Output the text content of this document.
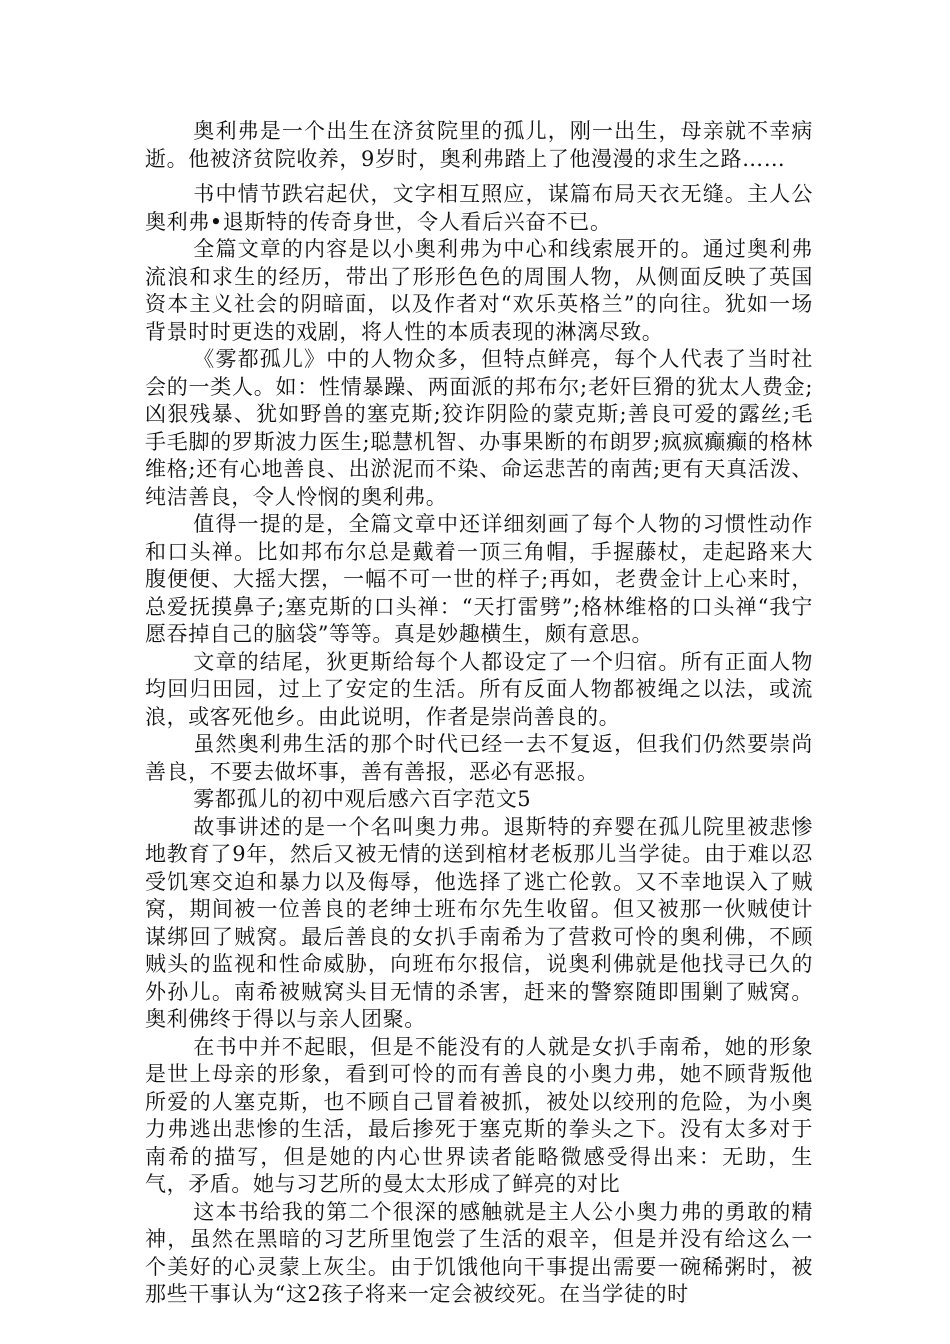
奥利弗是一个出生在济贫院里的孤儿，刚一出生，母亲就不幸病逝。他被济贫院收养，9岁时，奥利弗踏上了他漫漫的求生之路……

书中情节跌宕起伏，文字相互照应，谋篇布局天衣无缝。主人公奥利弗•退斯特的传奇身世，令人看后兴奋不已。

全篇文章的内容是以小奥利弗为中心和线索展开的。通过奥利弗流浪和求生的经历，带出了形形色色的周围人物，从侧面反映了英国资本主义社会的阴暗面，以及作者对“欢乐英格兰”的向往。犹如一场背景时时更迭的戏剧，将人性的本质表现的淋漓尽致。

《雾都孤儿》中的人物众多，但特点鲜亮，每个人代表了当时社会的一类人。如：性情暴躁、两面派的邦布尔;老奸巨猾的犹太人费金;凶狠残暴、犹如野兽的塞克斯;狡诈阴险的蒙克斯;善良可爱的露丝;毛手毛脚的罗斯波力医生;聪慧机智、办事果断的布朗罗;疯疯癫癫的格林维格;还有心地善良、出淤泥而不染、命运悲苦的南茜;更有天真活泼、纯洁善良，令人怜悯的奥利弗。

值得一提的是，全篇文章中还详细刻画了每个人物的习惯性动作和口头禅。比如邦布尔总是戴着一顶三角帽，手握藤杖，走起路来大腹便便、大摇大摆，一幅不可一世的样子;再如，老费金计上心来时，总爱抚摸鼻子;塞克斯的口头禅：“天打雷劈”;格林维格的口头禅“我宁愿吞掉自己的脑袋”等等。真是妙趣横生，颇有意思。

文章的结尾，狄更斯给每个人都设定了一个归宿。所有正面人物均回归田园，过上了安定的生活。所有反面人物都被绳之以法，或流浪，或客死他乡。由此说明，作者是崇尚善良的。

虽然奥利弗生活的那个时代已经一去不复返，但我们仍然要崇尚善良，不要去做坏事，善有善报，恶必有恶报。

雾都孤儿的初中观后感六百字范文5

故事讲述的是一个名叫奥力弗。退斯特的弃婴在孤儿院里被悲惨地教育了9年，然后又被无情的送到棺材老板那儿当学徒。由于难以忍受饥寒交迫和暴力以及侮辱，他选择了逃亡伦敦。又不幸地误入了贼窝，期间被一位善良的老绅士班布尔先生收留。但又被那一伙贼使计谋绑回了贼窝。最后善良的女扒手南希为了营救可怜的奥利佛，不顾贼头的监视和性命威胁，向班布尔报信，说奥利佛就是他找寻已久的外孙儿。南希被贼窝头目无情的杀害，赶来的警察随即围剿了贼窝。奥利佛终于得以与亲人团聚。

在书中并不起眼，但是不能没有的人就是女扒手南希，她的形象是世上母亲的形象，看到可怜的而有善良的小奥力弗，她不顾背叛他所爱的人塞克斯，也不顾自己冒着被抓，被处以绞刑的危险，为小奥力弗逃出悲惨的生活，最后掺死于塞克斯的拳头之下。没有太多对于南希的描写，但是她的内心世界读者能略微感受得出来：无助，生气，矛盾。她与习艺所的曼太太形成了鲜亮的对比

这本书给我的第二个很深的感触就是主人公小奥力弗的勇敢的精神，虽然在黑暗的习艺所里饱尝了生活的艰辛，但是并没有给这么一个美好的心灵蒙上灰尘。由于饥饿他向干事提出需要一碗稀粥时，被那些干事认为“这2孩子将来一定会被绞死。在当学徒的时
